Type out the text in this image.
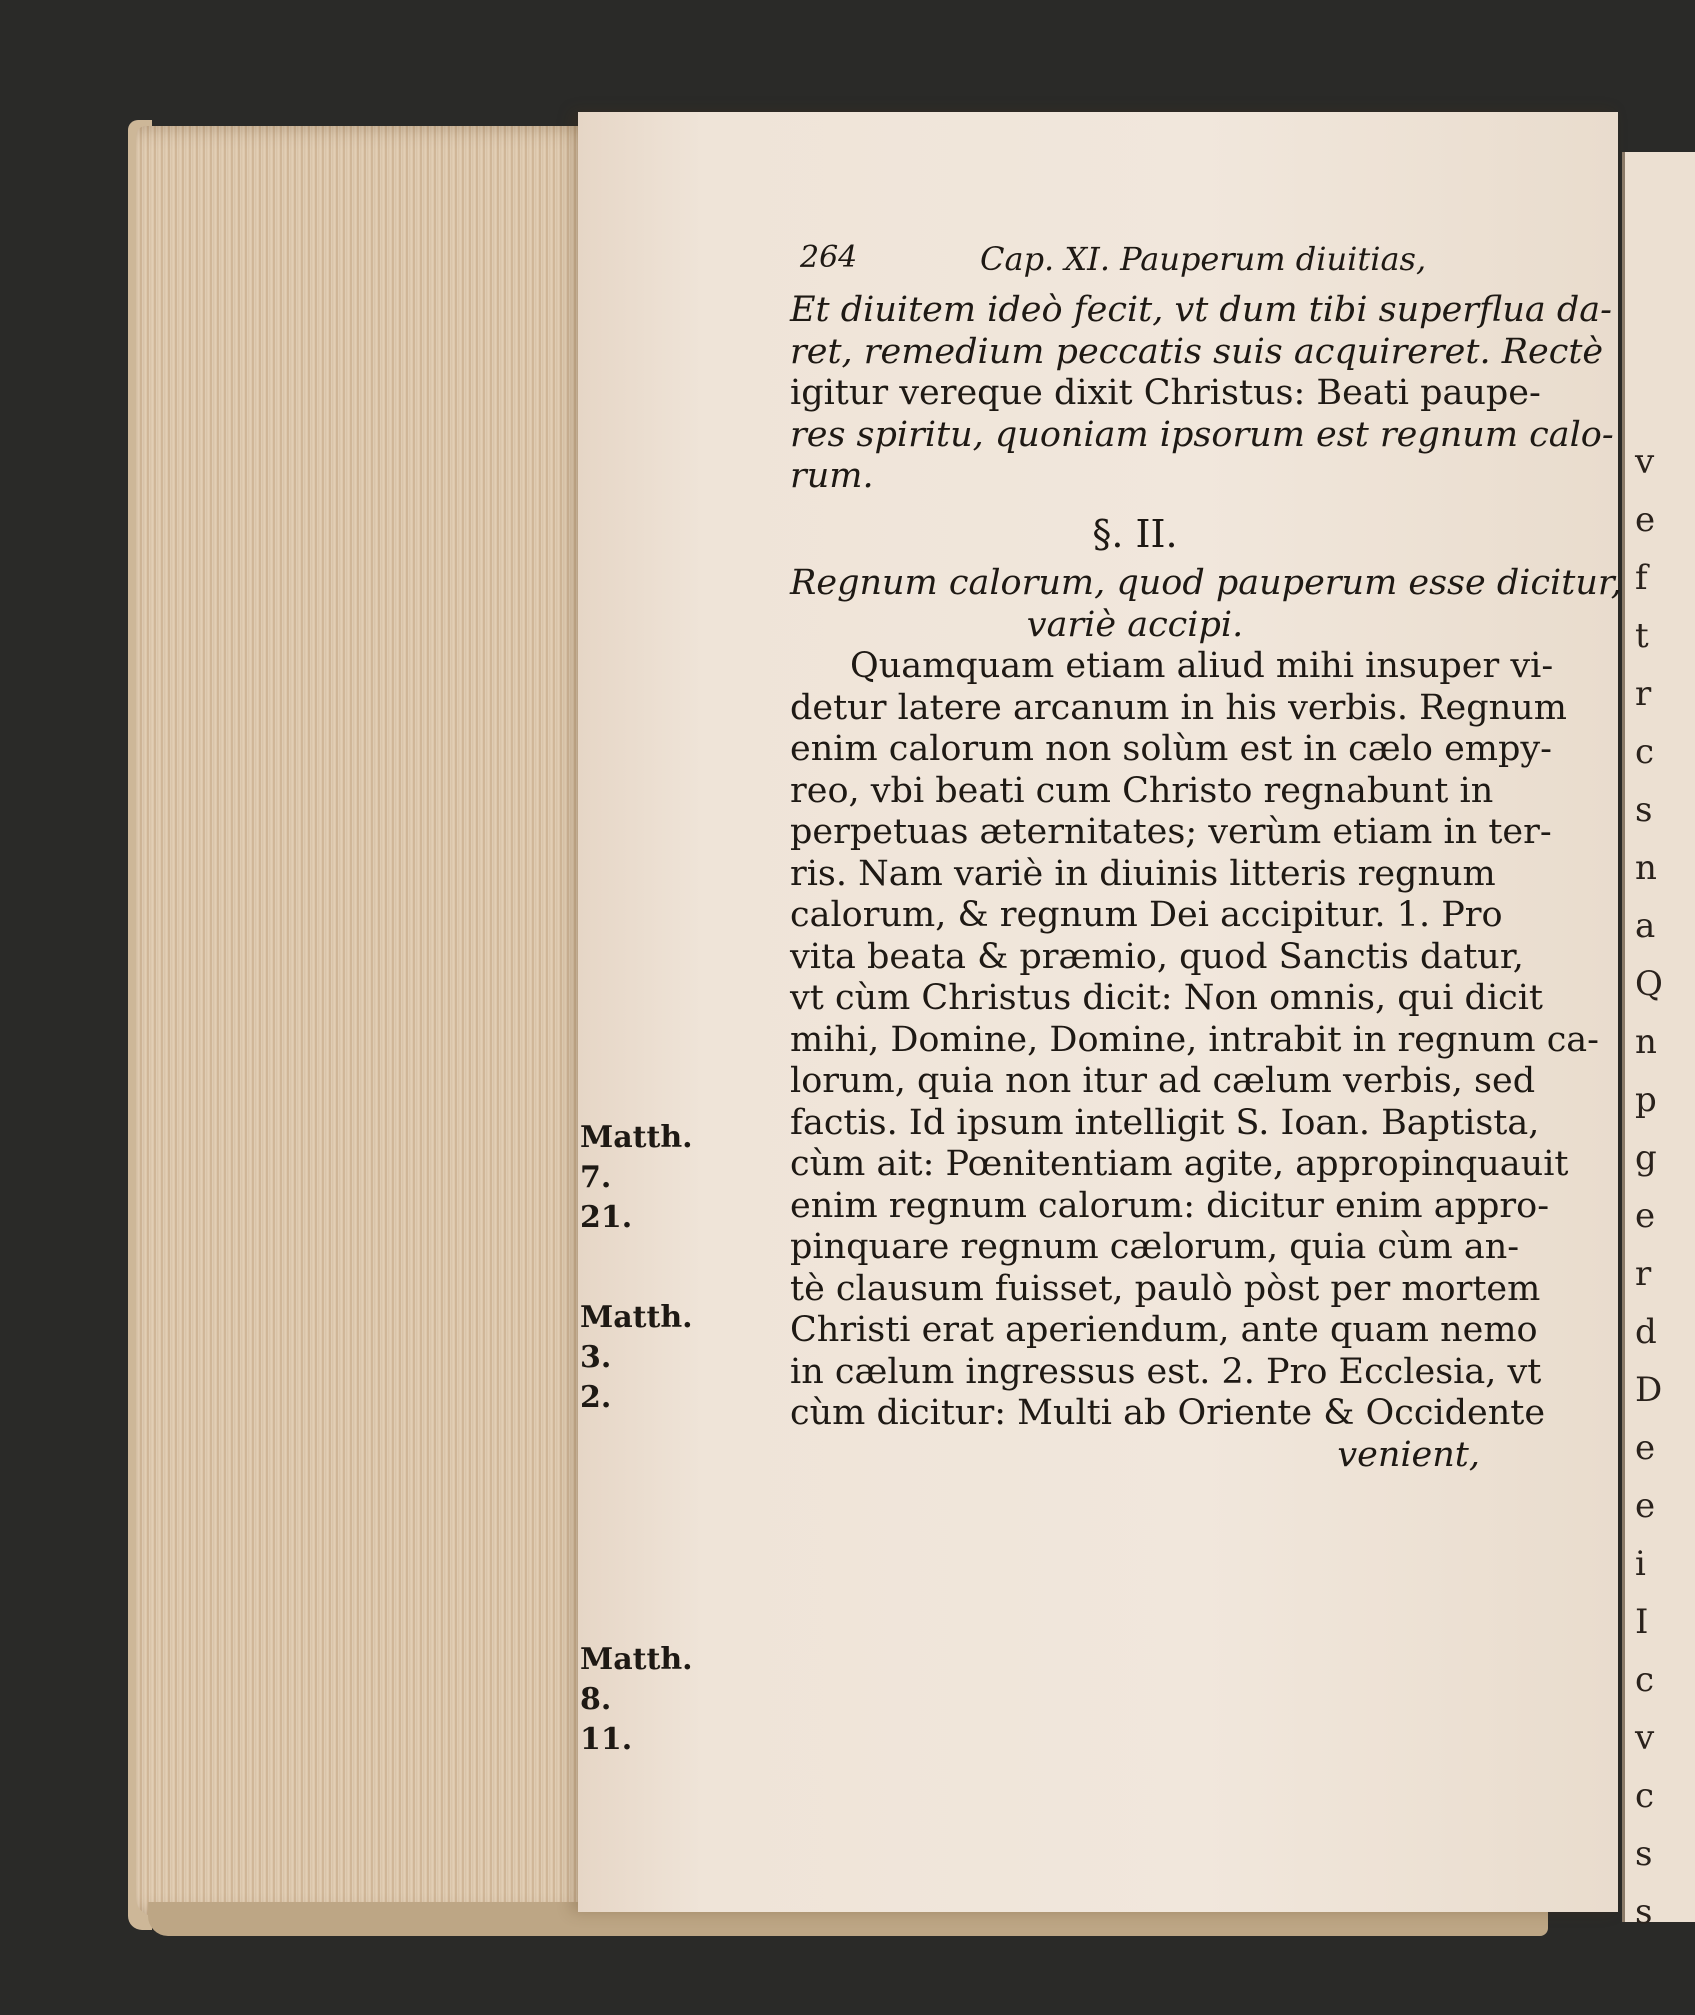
v
e
f
t
r
c
s
n
a
Q
n
p
g
e
r
d
D
e
e
i
I
c
v
c
s
s
264	Cap. XI. Pauperum diuitias,
Et diuitem ideò fecit, vt dum tibi superflua da-
ret, remedium peccatis suis acquireret. Rectè
igitur vereque dixit Christus: Beati paupe-
res spiritu, quoniam ipsorum est regnum calo-
rum.
§. II.
Regnum calorum, quod pauperum esse dicitur,
variè accipi.
Quamquam etiam aliud mihi insuper vi-
detur latere arcanum in his verbis. Regnum
enim calorum non solùm est in cælo empy-
reo, vbi beati cum Christo regnabunt in
perpetuas æternitates; verùm etiam in ter-
ris. Nam variè in diuinis litteris regnum
calorum, & regnum Dei accipitur. 1. Pro
vita beata & præmio, quod Sanctis datur,
vt cùm Christus dicit: Non omnis, qui dicit
mihi, Domine, Domine, intrabit in regnum ca-
lorum, quia non itur ad cælum verbis, sed
factis. Id ipsum intelligit S. Ioan. Baptista,
cùm ait: Pœnitentiam agite, appropinquauit
enim regnum calorum: dicitur enim appro-
pinquare regnum cælorum, quia cùm an-
tè clausum fuisset, paulò pòst per mortem
Christi erat aperiendum, ante quam nemo
in cælum ingressus est. 2. Pro Ecclesia, vt
cùm dicitur: Multi ab Oriente & Occidente
venient,
Matth. 7.
21.
Matth. 3.
2.
Matth. 8.
11.
